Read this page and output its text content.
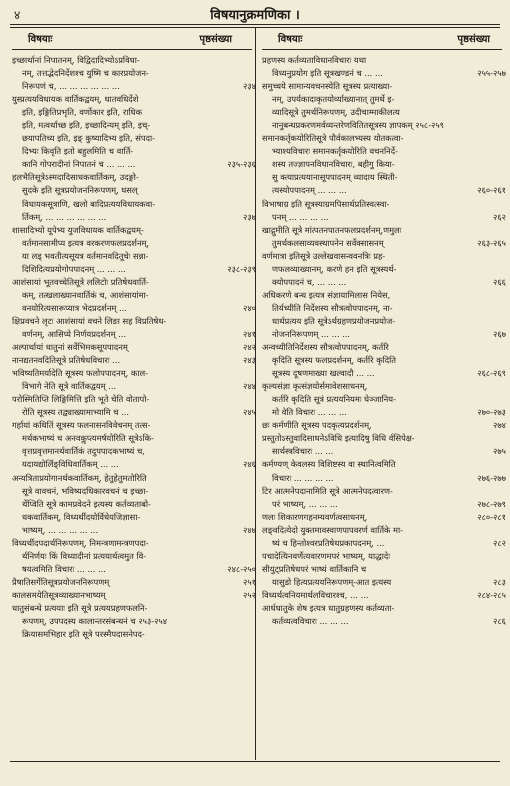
४	विषयानुक्रमणिका ।
विषयाः	पृष्ठसंख्या	विषयाः	पृष्ठसंख्या
इच्छार्थानां निपातनम्, विद्विदादिभ्योऽप्रविधा-
नम्, तत्तद्भेदनिर्देशश्च युष्मि च कारप्रयोजन-
निरूपणं च, ... ... ... ... ... ...	२३४
युस्प्रत्ययविधायक वार्तिकद्वयम्, धातवधिर्देशे
इति, इङ्गितिप्रभृति, वर्णोकार इति, राधिक
इति, मत्वर्थाच्छ इति, इच्छादिन्यम् इति, इच्-
छयापतिच्य इति, इङ् कुष्यादिभ्य इति, संपदा-
दिभ्यः किवृति इतो बहुलमिति च वार्ति-
कानि गोपरादीनां निपातनं च ... ... ...	२३५-२३६
हलभैतिसूत्रेऽस्मदादिसाधकवार्तिकम्, उदङ्गो-
सुदके इति सूत्रप्रयोजननिरूपणम्, घसल्
विधायकसूत्राणि, खलो बादिप्रत्ययविधायकवा-
र्तिकम्, ... ... ... ... ... ...	२३७
शासादिभ्यो यूपेभ्य युजविधायक वार्तिकद्वयम्-
वर्तमानसामीप्य इत्यत्र वरकरणफलप्रदर्शनम्,
या लड् भवतीत्यसूयत्र वर्तमानवदितूचेः सन्ना-
दिशिदित्यप्रयोगोपपादनम् ... ... ...	२३८-२३९
आशंसायां भूतवच्चेतिसूत्रे ललिटोः प्रतिषेधवार्ति-
कम्, तत्खलाख्यानवार्तिकं च, आशंसायांमा-
वनयोरित्यसारूप्यात्र भेदप्रदर्शनम् ...	२४०
क्षिप्रवचने लृटः आशंसायां वचने लिङा सह विप्रतिषेध-
वर्णनम्, आसिप्ये निर्णयप्रदर्शनम् ...	२४१
अल्पार्थायां धातुनां सर्वेभिमकसूपपादनम्	२४२
नानद्यतनवदितिसूत्रे प्रतिषेधविचारः ...	२४३
भविष्यतिमर्यादेति सूत्रस्य फलोपपादनम्, काल-
विभागे नेति सूत्रे वार्तिकद्वयम् ...	२४४
परोस्मितिप्ति लिङ्गिमित्ति इति भूते चेति वोतापो-
रोति सूत्रस्य तद्व्याख्यामाभ्यामि च ...	२४५
गर्हायां कथितिं सूत्रस्य फलनासनविवेचनम् तत्स-
मर्थकभाष्यं च अनवकॢप्त्यमर्षयोरिति सूत्रेऽकि-
वृत्तप्रवृत्तमानर्थवार्तिकं तदुपपादकभाष्यं च,
यदायद्योर्लिङ्विधिवार्तिकम् ... ...	२४६
अन्यत्रिताप्रयोगानर्थकवार्तिकम्, हेतुहेतुमतोरिति
सूत्रे वावचनं, भविष्यदधिकारवचनं च इच्छा-
र्थेप्विति सूत्रे कामप्रवेदने इत्यस्य कर्तव्यताबो-
धकवार्तिकम्, विध्यर्थीदयोर्विधेयजिज्ञासा-
भाष्यम्, ... ... ... ... ...	२४७
विध्यर्थीदपदार्थनिरूपणम्, निमन्त्रणामन्त्रणपदा-
र्थनिर्णयः किं विध्यादीनां प्रत्ययार्थत्वमुत वि-
षयत्वमिति विचारः ... ... ...	२४८-२५०
प्रैषातिसर्गेतिसूत्रप्रयोजननिरूपणम्	२५१
कालसमयेतिसूत्रव्याख्यानभाष्यम्	२५२
धातुसंबन्धे प्रत्ययाः इति सूत्रे प्रत्ययप्रहणफलनि-
रूपणम्, उपपदस्य कालान्तरसंबन्धनं च २५३-२५४
क्रियासमभिहार इति सूत्रे परस्मैपदासनेपद-
प्रहणस्य कर्तव्यताविधानविचारः यथा
विध्यनुप्रयोग इति सूत्रखण्डनं च ... ...	२५५-२५७
समुच्चये सामान्यवचनस्येति सूत्रस्य प्रत्याख्या-
नम्, उपर्यकादाकृतयोर्व्याख्यानात् तुमर्थे इ-
व्यादिसूत्रे तुमर्थनिरूपणम्, उदीचाम्माकीलत्य
नानुबन्धप्रकरणमर्वव्यन्तरेणवितितसूत्रस्य ज्ञापकम् २५८-२५९
समानकर्तृकयोरितिसूत्रे पौर्वकालभ्यस्य योतकत्वा-
भ्याश्यविचारः समानकर्तृकयोरिति वचननिर्दे-
शस्य तज्ज्ञापनविधानविचारः, बहीगु किया-
सु क्त्याप्रत्ययानासूपपादनम् व्यादाय स्थिती-
त्यस्योपपादनम् ... ... ...	२६०-२६१
विभाषाग्र इति सूत्रस्याग्रमपिसार्थप्रतिस्वत्स्वा-
पनम् ... ... ... ...	२६२
खाद्गुमीति सूत्रे मांत्पतनपातनफलप्रदर्शनम्,णमुलः
तुमर्थकलसाव्यवस्थापनेन सर्वेक्सासनम्	२६३-२६५
वर्णमात्रा इतिसूत्रे उल्लेखवासन्ववनत्रिः प्रह-
णफलव्याख्यानम्, करणे हन इति सूत्रस्यर्थ-
क्योपपादनं च, ... ... ...	२६६
अधिकरणे बन्ध इत्यत्र संज्ञायामिलास नियेस,
तिर्यच्यीति निर्देशस्य सौत्रत्वोपपादनम्, ना-
धार्थप्रत्यय इति सूत्रेऽर्थग्रहणप्रयोजनप्रयोज-
नोजननिरूपणम् ... ... ...	२६७
अन्वच्यीतिनिर्देशस्य सौत्रत्वोपपादनम्, कर्तरि
कृदिति सूत्रस्य फलप्रदर्शनम्, कर्तरि कृदिति
सूत्रस्य दूषणमाख्या खल्वादौ ... ...	२६८-२६९
कृल्यसंज्ञा कृत्संज्ञयोर्समावेशसाधनम्,
कर्तरि कृदिति सूत्रं प्रत्ययनियमः घेञ्जानिय-
मो वेति विचारः ... ... ...	२७०-२७३
छः कर्मणीति सूत्रस्य पदकृत्यप्रदर्शनम्,	२७४
प्रस्तुतोऽस्तुवादिसाधनेऽविधि इत्यादिषु विधि र्वसिपेक्ष-
सार्थस्त्रविचारः ... ...	२७५
कर्मण्यण् केवलस्य विशिष्टस्य वा स्थानित्वमिति
विचारः ... ... ... ...	२७६-२७७
टिर आत्मनेपदानामिति सूत्रे आत्मनेपदत्वारण-
परं भाष्यम्, ... ... ...	२७८-२७९
णलः शिकारणगहनम्यवर्णत्वसाधनम्,	२८०-२८१
लङ्वदित्येदो युक्तमावस्वाणपापवरर्ण वार्तिके मा-
ष्यं च हिन्तोश्वरप्रतिषेधप्रकापदनम्, ...	२८२
पचादेत्यिनवर्णेत्यवारणमपरं भाष्यम्, याद्धादेः
सीयुट्प्रतिषेधपरं भाष्यं वार्तिकानि च
यासुडो हित्यप्रत्ययनिरूपणम्-आत इत्यस्य	२८३
विध्यर्थत्वनियमार्थलविचारश्च, ... ...	२८४-२८५
आर्धधातुके शेष इत्यत्र धातुग्रहणस्य कर्तव्यता-
कर्तव्यत्वविचारः ... ... ...	२८६
